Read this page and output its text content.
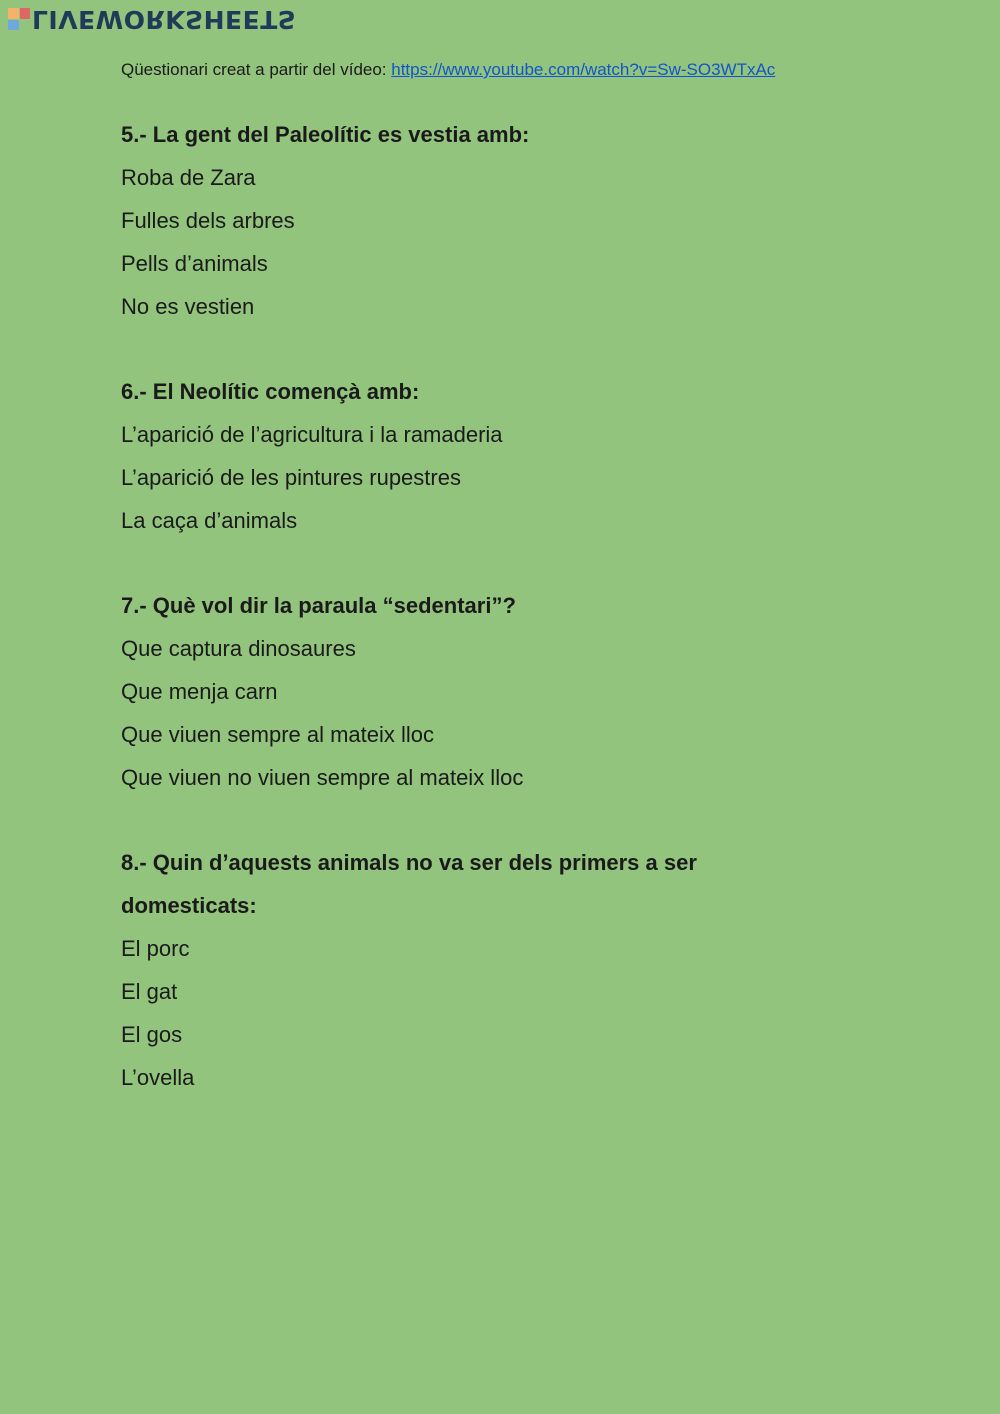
LIVEWORKSHEETS
Qüestionari creat a partir del vídeo: https://www.youtube.com/watch?v=Sw-SO3WTxAc

5.- La gent del Paleolític es vestia amb:

Roba de Zara

Fulles dels arbres

Pells d’animals

No es vestien

6.- El Neolític començà amb:

L’aparició de l’agricultura i la ramaderia

L’aparició de les pintures rupestres

La caça d’animals

7.- Què vol dir la paraula “sedentari”?

Que captura dinosaures

Que menja carn

Que viuen sempre al mateix lloc

Que viuen no viuen sempre al mateix lloc

8.- Quin d’aquests animals no va ser dels primers a ser domesticats:

El porc

El gat

El gos

L’ovella
